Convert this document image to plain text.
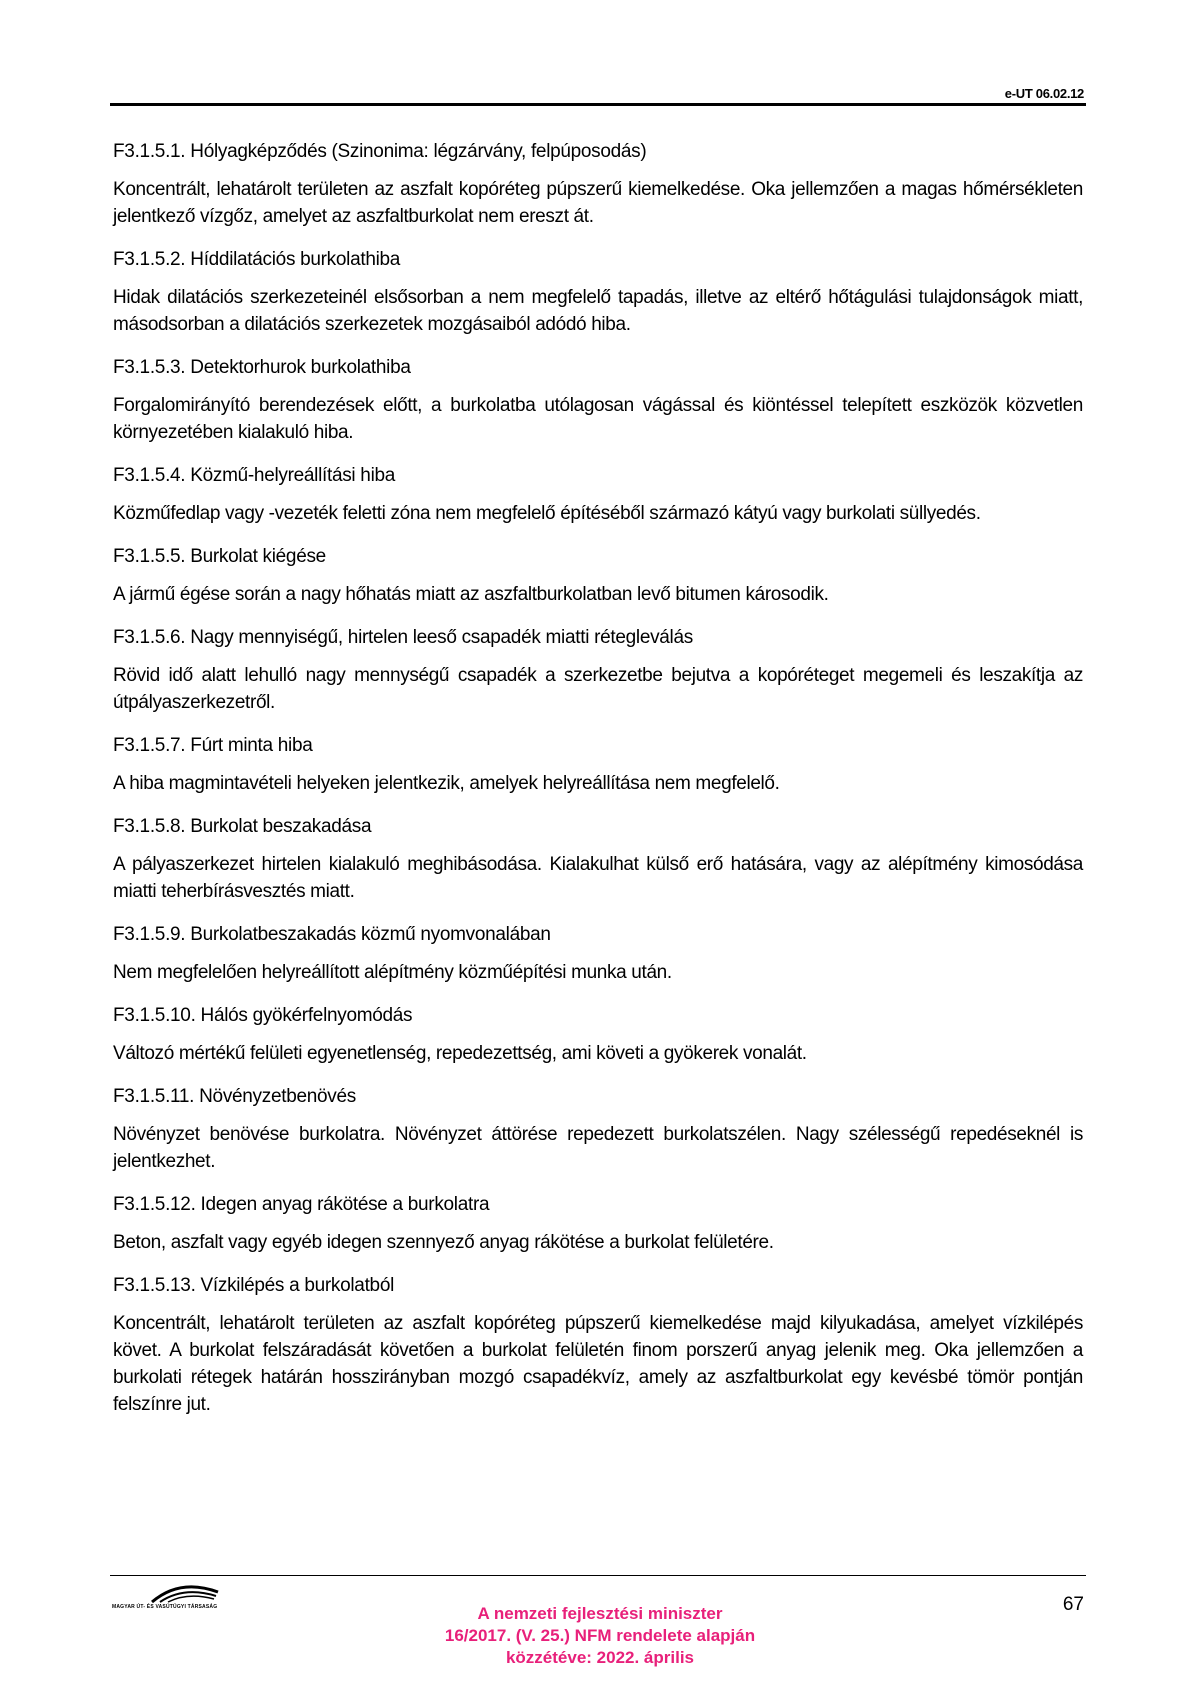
e-UT 06.02.12

F3.1.5.1. Hólyagképződés (Szinonima: légzárvány, felpúposodás)

Koncentrált, lehatárolt területen az aszfalt kopóréteg púpszerű kiemelkedése. Oka jellemzően a magas hőmérsékleten jelentkező vízgőz, amelyet az aszfaltburkolat nem ereszt át.

F3.1.5.2. Híddilatációs burkolathiba

Hidak dilatációs szerkezeteinél elsősorban a nem megfelelő tapadás, illetve az eltérő hőtágulási tulajdonságok miatt, másodsorban a dilatációs szerkezetek mozgásaiból adódó hiba.

F3.1.5.3. Detektorhurok burkolathiba

Forgalomirányító berendezések előtt, a burkolatba utólagosan vágással és kiöntéssel telepített eszközök közvetlen környezetében kialakuló hiba.

F3.1.5.4. Közmű-helyreállítási hiba

Közműfedlap vagy -vezeték feletti zóna nem megfelelő építéséből származó kátyú vagy burkolati süllyedés.

F3.1.5.5. Burkolat kiégése

A jármű égése során a nagy hőhatás miatt az aszfaltburkolatban levő bitumen károsodik.

F3.1.5.6. Nagy mennyiségű, hirtelen leeső csapadék miatti rétegleválás

Rövid idő alatt lehulló nagy mennységű csapadék a szerkezetbe bejutva a kopóréteget megemeli és leszakítja az útpályaszerkezetről.

F3.1.5.7. Fúrt minta hiba

A hiba magmintavételi helyeken jelentkezik, amelyek helyreállítása nem megfelelő.

F3.1.5.8. Burkolat beszakadása

A pályaszerkezet hirtelen kialakuló meghibásodása. Kialakulhat külső erő hatására, vagy az alépítmény kimosódása miatti teherbírásvesztés miatt.

F3.1.5.9. Burkolatbeszakadás közmű nyomvonalában

Nem megfelelően helyreállított alépítmény közműépítési munka után.

F3.1.5.10. Hálós gyökérfelnyomódás

Változó mértékű felületi egyenetlenség, repedezettség, ami követi a gyökerek vonalát.

F3.1.5.11. Növényzetbenövés

Növényzet benövése burkolatra. Növényzet áttörése repedezett burkolatszélen. Nagy szélességű repedéseknél is jelentkezhet.

F3.1.5.12. Idegen anyag rákötése a burkolatra

Beton, aszfalt vagy egyéb idegen szennyező anyag rákötése a burkolat felületére.

F3.1.5.13. Vízkilépés a burkolatból

Koncentrált, lehatárolt területen az aszfalt kopóréteg púpszerű kiemelkedése majd kilyukadása, amelyet vízkilépés követ. A burkolat felszáradását követően a burkolat felületén finom porszerű anyag jelenik meg. Oka jellemzően a burkolati rétegek határán hosszirányban mozgó csapadékvíz, amely az aszfaltburkolat egy kevésbé tömör pontján felszínre jut.

MAGYAR ÚT- ÉS VASÚTÜGYI TÁRSASÁG	A nemzeti fejlesztési miniszter
16/2017. (V. 25.) NFM rendelete alapján
közzétéve: 2022. április
67
